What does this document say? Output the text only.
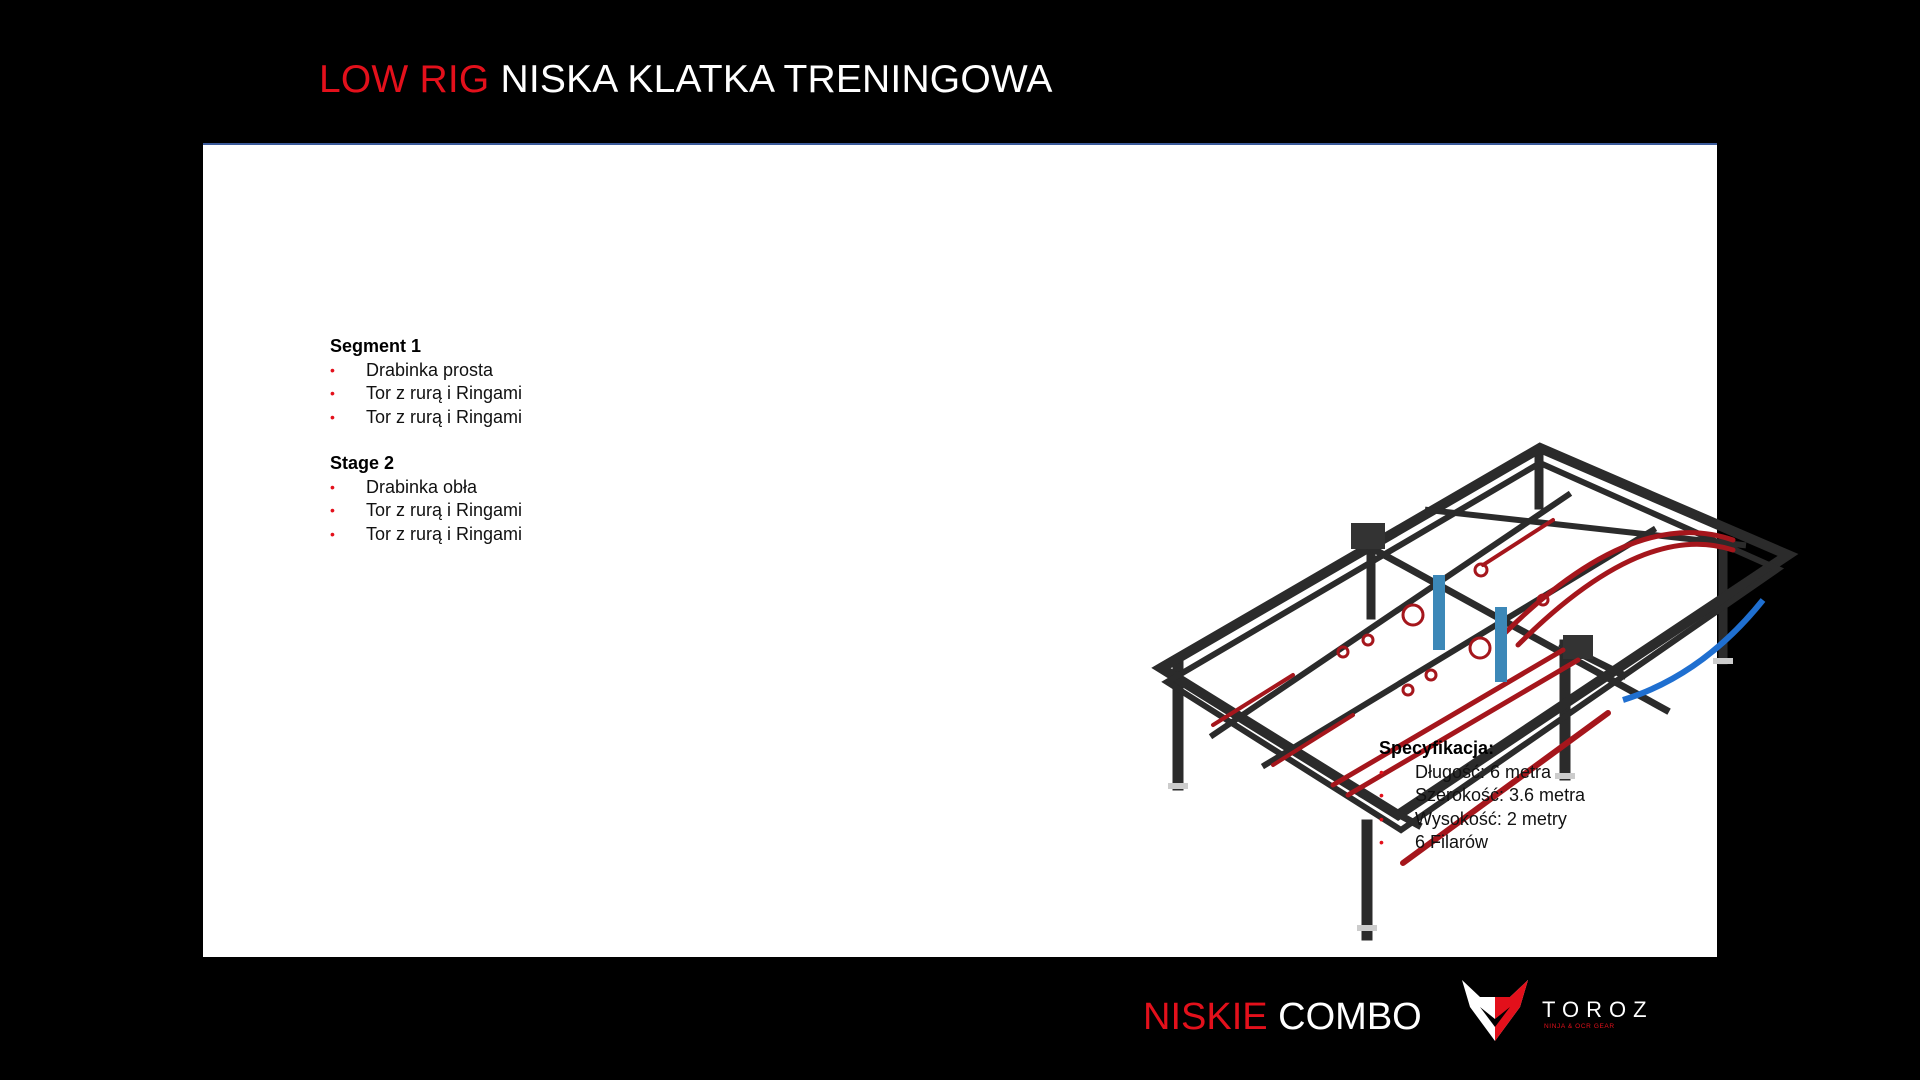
LOW RIG NISKA KLATKA TRENINGOWA
Segment 1
• Drabinka prosta
• Tor z rurą i Ringami
• Tor z rurą i Ringami
Stage 2
• Drabinka obła
• Tor z rurą i Ringami
• Tor z rurą i Ringami
Specyfikacja:
• Długość: 6 metra
• Szerokość: 3.6 metra
• Wysokość: 2 metry
• 6 Filarów
NISKIE COMBO	TOROZ
NINJA & OCR GEAR
